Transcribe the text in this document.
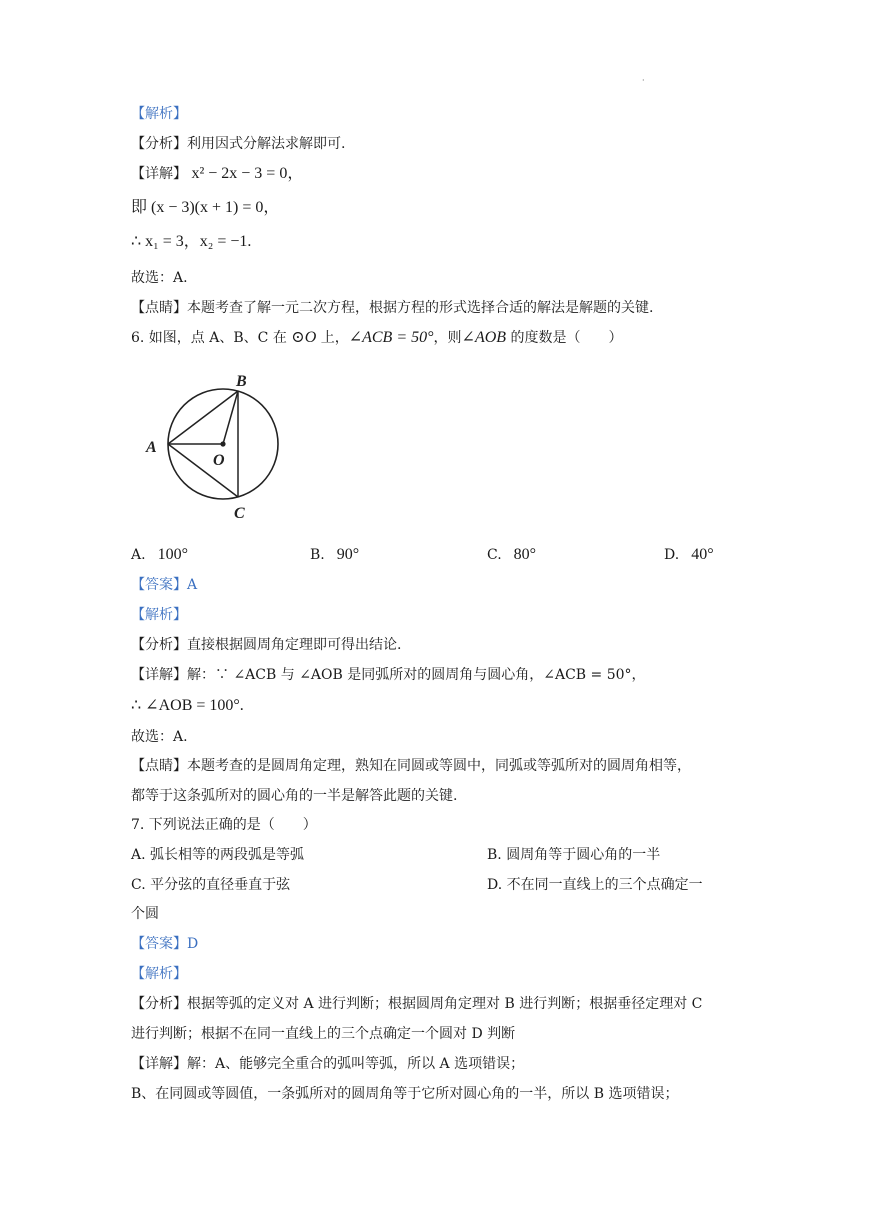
·
【解析】
【分析】利用因式分解法求解即可.
【详解】 x² − 2x − 3 = 0，
即 (x − 3)(x + 1) = 0，
∴ x₁ = 3，x₂ = −1.
故选：A.
【点睛】本题考查了解一元二次方程，根据方程的形式选择合适的解法是解题的关键.
6. 如图，点 A、B、C 在 ⊙O 上，∠ACB = 50°，则∠AOB 的度数是（　　）
A
B
C
O
A. 100°	B. 90°	C. 80°	D. 40°
【答案】A
【解析】
【分析】直接根据圆周角定理即可得出结论.
【详解】解：∵ ∠ACB 与 ∠AOB 是同弧所对的圆周角与圆心角，∠ACB = 50°，
∴ ∠AOB = 100°.
故选：A.
【点睛】本题考查的是圆周角定理，熟知在同圆或等圆中，同弧或等弧所对的圆周角相等，
都等于这条弧所对的圆心角的一半是解答此题的关键.
7. 下列说法正确的是（　　）
A. 弧长相等的两段弧是等弧	B. 圆周角等于圆心角的一半
C. 平分弦的直径垂直于弦	D. 不在同一直线上的三个点确定一
个圆
【答案】D
【解析】
【分析】根据等弧的定义对 A 进行判断；根据圆周角定理对 B 进行判断；根据垂径定理对 C
进行判断；根据不在同一直线上的三个点确定一个圆对 D 判断
【详解】解：A、能够完全重合的弧叫等弧，所以 A 选项错误；
B、在同圆或等圆值，一条弧所对的圆周角等于它所对圆心角的一半，所以 B 选项错误；
